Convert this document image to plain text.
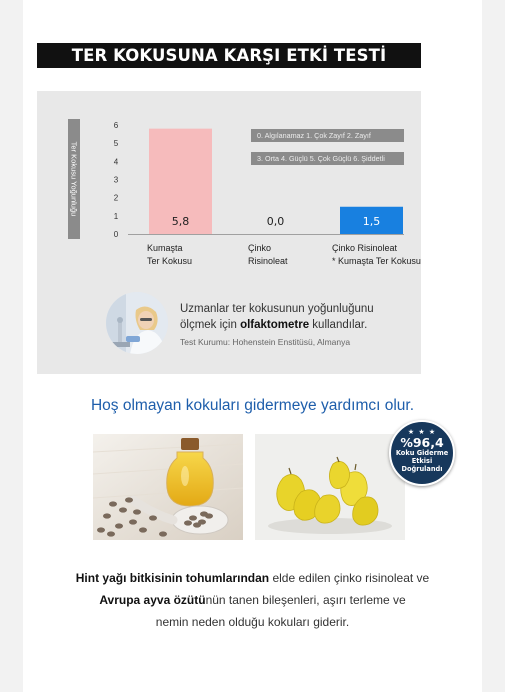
TER KOKUSUNA KARŞI ETKİ TESTİ
Ter Kokusu Yoğunluğu
0
1
2
3
4
5
6
5,8	0,0	1,5
0. Algılanamaz 1. Çok Zayıf 2. Zayıf
3. Orta 4. Güçlü 5. Çok Güçlü 6. Şiddetli
Kumaşta
Ter Kokusu
Çinko
Risinoleat
Çinko Risinoleat
* Kumaşta Ter Kokusu
Uzmanlar ter kokusunun yoğunluğunu
ölçmek için olfaktometre kullandılar.
Test Kurumu: Hohenstein Enstitüsü, Almanya
Hoş olmayan kokuları gidermeye yardımcı olur.
★ ★ ★
%96,4
Koku Giderme
Etkisi
Doğrulandı
Hint yağı bitkisinin tohumlarından elde edilen çinko risinoleat ve
Avrupa ayva özütünün tanen bileşenleri, aşırı terleme ve
nemin neden olduğu kokuları giderir.
